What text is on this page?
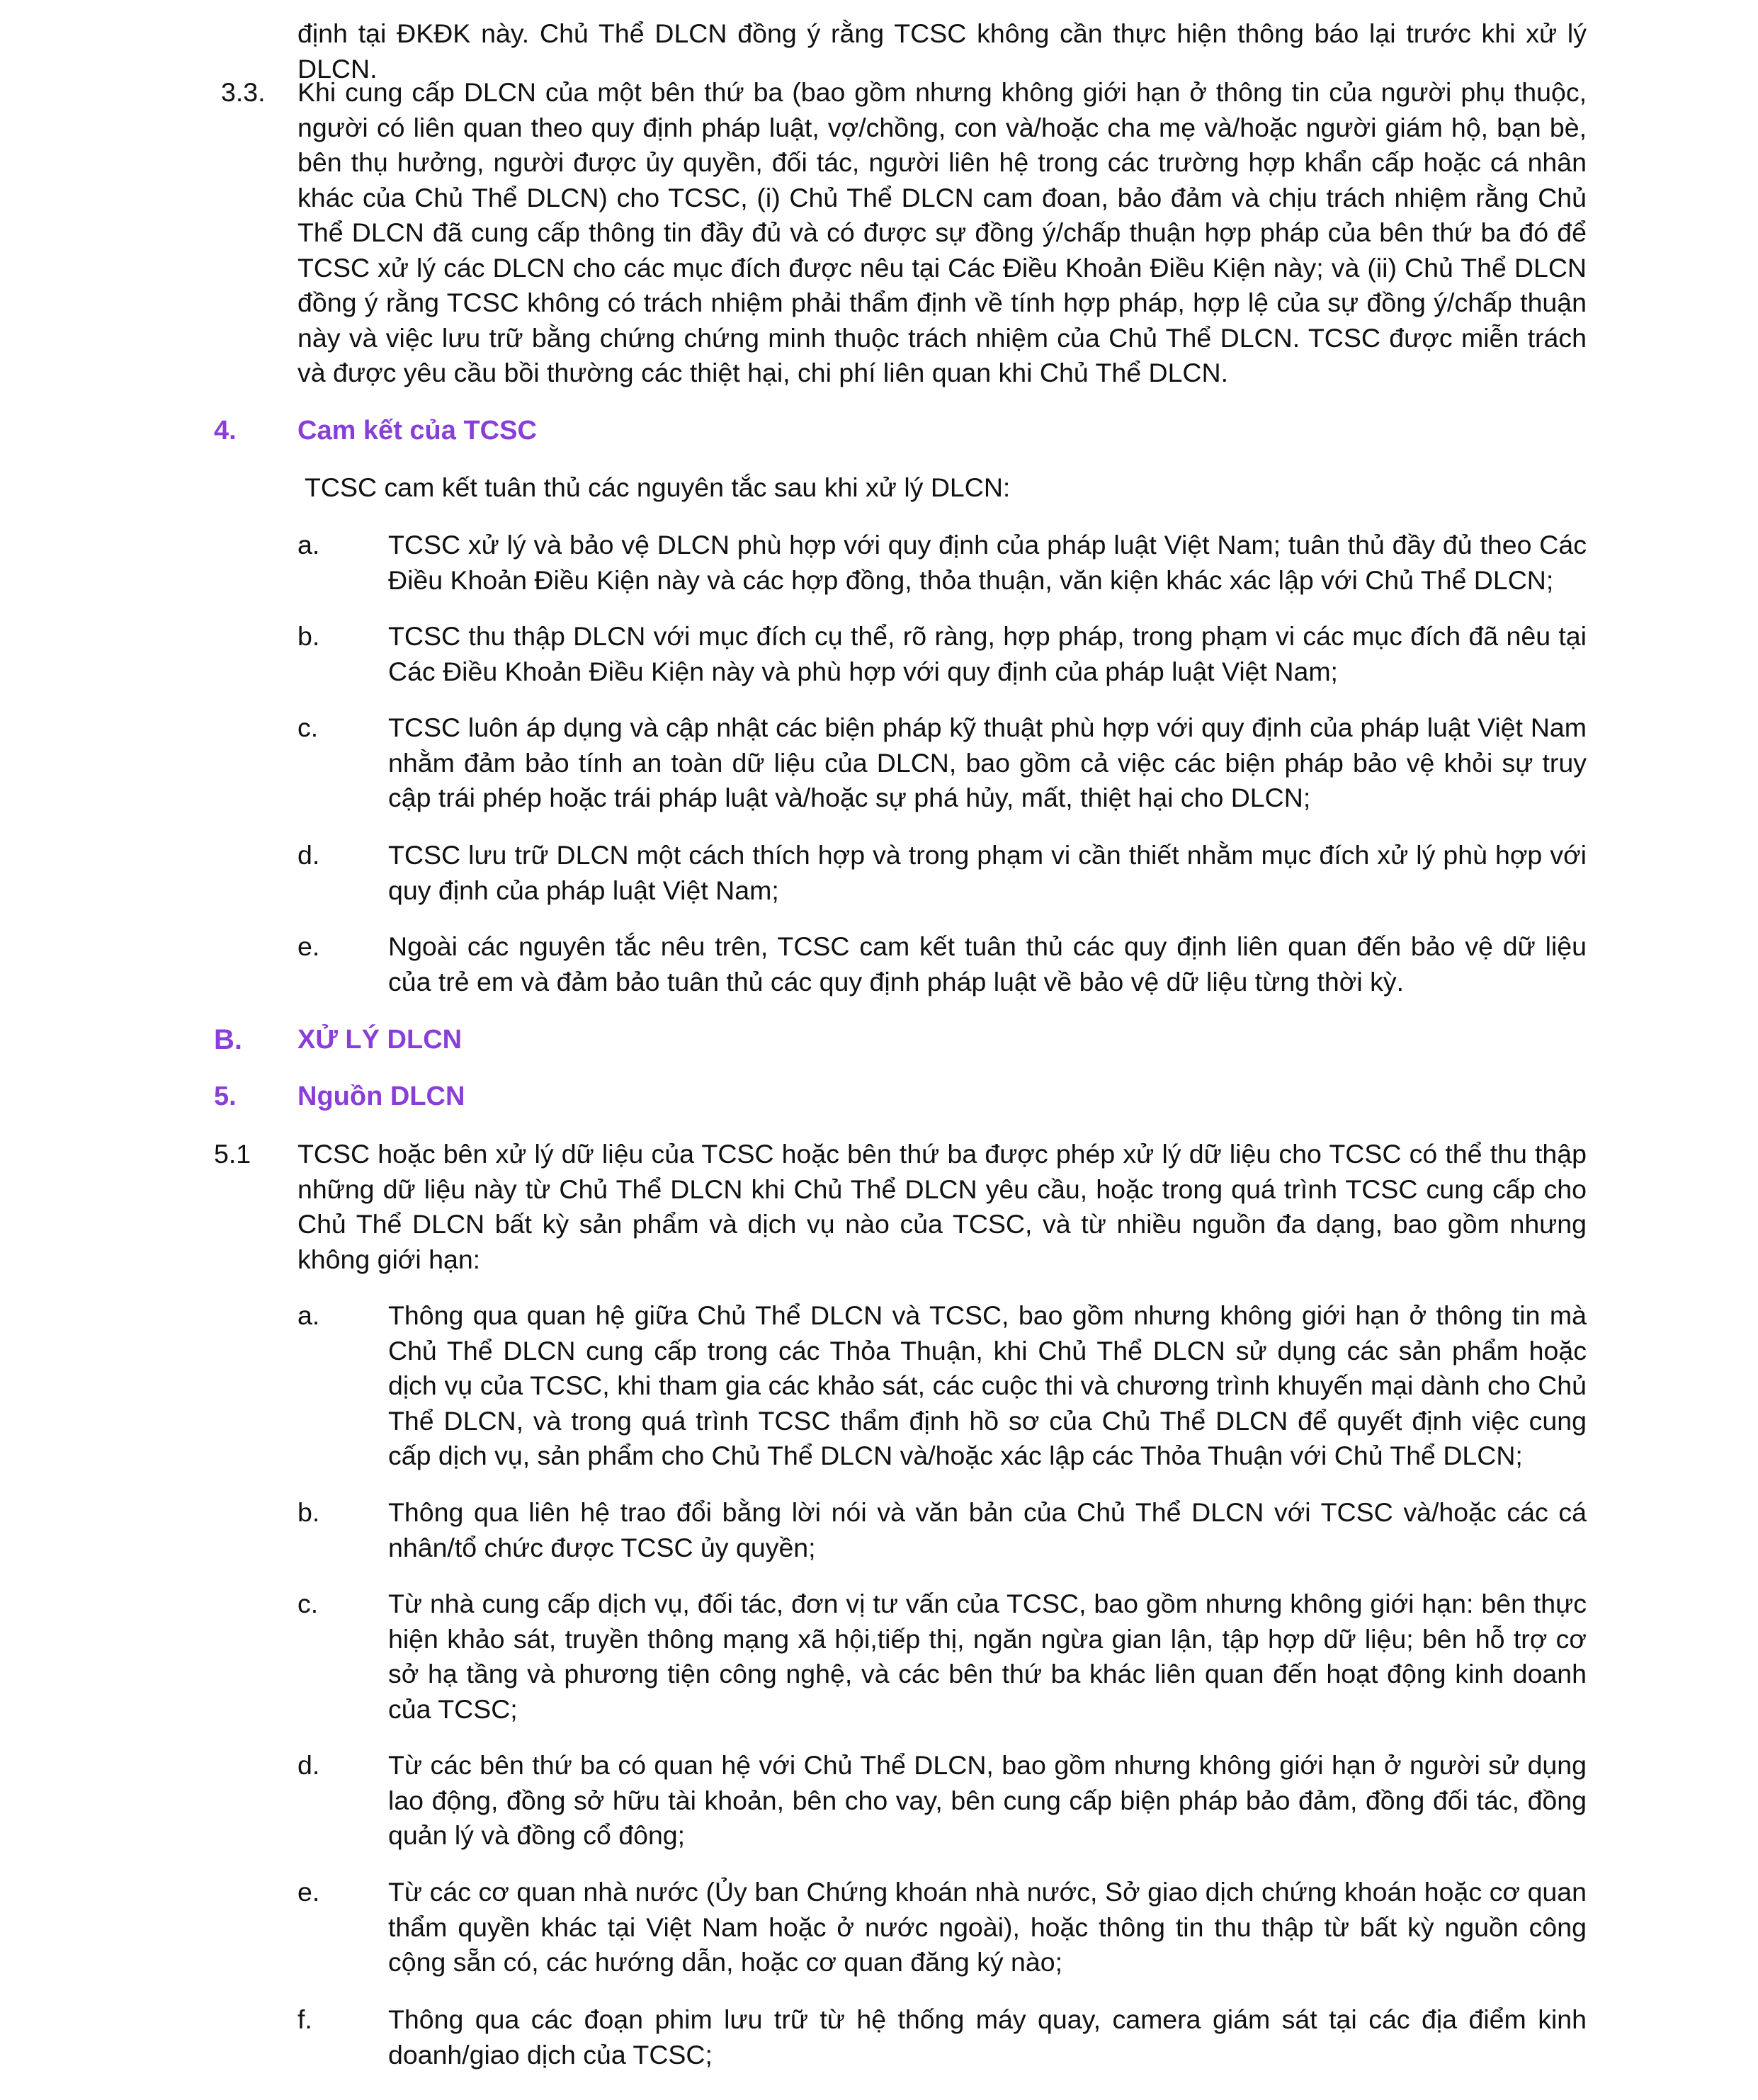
định tại ĐKĐK này. Chủ Thể DLCN đồng ý rằng TCSC không cần thực hiện thông báo lại trước khi xử lý DLCN.
3.3. Khi cung cấp DLCN của một bên thứ ba (bao gồm nhưng không giới hạn ở thông tin của người phụ thuộc, người có liên quan theo quy định pháp luật, vợ/chồng, con và/hoặc cha mẹ và/hoặc người giám hộ, bạn bè, bên thụ hưởng, người được ủy quyền, đối tác, người liên hệ trong các trường hợp khẩn cấp hoặc cá nhân khác của Chủ Thể DLCN) cho TCSC, (i) Chủ Thể DLCN cam đoan, bảo đảm và chịu trách nhiệm rằng Chủ Thể DLCN đã cung cấp thông tin đầy đủ và có được sự đồng ý/chấp thuận hợp pháp của bên thứ ba đó để TCSC xử lý các DLCN cho các mục đích được nêu tại Các Điều Khoản Điều Kiện này; và (ii) Chủ Thể DLCN đồng ý rằng TCSC không có trách nhiệm phải thẩm định về tính hợp pháp, hợp lệ của sự đồng ý/chấp thuận này và việc lưu trữ bằng chứng chứng minh thuộc trách nhiệm của Chủ Thể DLCN. TCSC được miễn trách và được yêu cầu bồi thường các thiệt hại, chi phí liên quan khi Chủ Thể DLCN.
4. Cam kết của TCSC
TCSC cam kết tuân thủ các nguyên tắc sau khi xử lý DLCN:
a.	TCSC xử lý và bảo vệ DLCN phù hợp với quy định của pháp luật Việt Nam; tuân thủ đầy đủ theo Các Điều Khoản Điều Kiện này và các hợp đồng, thỏa thuận, văn kiện khác xác lập với Chủ Thể DLCN;
b.	TCSC thu thập DLCN với mục đích cụ thể, rõ ràng, hợp pháp, trong phạm vi các mục đích đã nêu tại Các Điều Khoản Điều Kiện này và phù hợp với quy định của pháp luật Việt Nam;
c.	TCSC luôn áp dụng và cập nhật các biện pháp kỹ thuật phù hợp với quy định của pháp luật Việt Nam nhằm đảm bảo tính an toàn dữ liệu của DLCN, bao gồm cả việc các biện pháp bảo vệ khỏi sự truy cập trái phép hoặc trái pháp luật và/hoặc sự phá hủy, mất, thiệt hại cho DLCN;
d.	TCSC lưu trữ DLCN một cách thích hợp và trong phạm vi cần thiết nhằm mục đích xử lý phù hợp với quy định của pháp luật Việt Nam;
e.	Ngoài các nguyên tắc nêu trên, TCSC cam kết tuân thủ các quy định liên quan đến bảo vệ dữ liệu của trẻ em và đảm bảo tuân thủ các quy định pháp luật về bảo vệ dữ liệu từng thời kỳ.
B. XỬ LÝ DLCN
5. Nguồn DLCN
5.1 TCSC hoặc bên xử lý dữ liệu của TCSC hoặc bên thứ ba được phép xử lý dữ liệu cho TCSC có thể thu thập những dữ liệu này từ Chủ Thể DLCN khi Chủ Thể DLCN yêu cầu, hoặc trong quá trình TCSC cung cấp cho Chủ Thể DLCN bất kỳ sản phẩm và dịch vụ nào của TCSC, và từ nhiều nguồn đa dạng, bao gồm nhưng không giới hạn:
a.	Thông qua quan hệ giữa Chủ Thể DLCN và TCSC, bao gồm nhưng không giới hạn ở thông tin mà Chủ Thể DLCN cung cấp trong các Thỏa Thuận, khi Chủ Thể DLCN sử dụng các sản phẩm hoặc dịch vụ của TCSC, khi tham gia các khảo sát, các cuộc thi và chương trình khuyến mại dành cho Chủ Thể DLCN, và trong quá trình TCSC thẩm định hồ sơ của Chủ Thể DLCN để quyết định việc cung cấp dịch vụ, sản phẩm cho Chủ Thể DLCN và/hoặc xác lập các Thỏa Thuận với Chủ Thể DLCN;
b.	Thông qua liên hệ trao đổi bằng lời nói và văn bản của Chủ Thể DLCN với TCSC và/hoặc các cá nhân/tổ chức được TCSC ủy quyền;
c.	Từ nhà cung cấp dịch vụ, đối tác, đơn vị tư vấn của TCSC, bao gồm nhưng không giới hạn: bên thực hiện khảo sát, truyền thông mạng xã hội,tiếp thị, ngăn ngừa gian lận, tập hợp dữ liệu; bên hỗ trợ cơ sở hạ tầng và phương tiện công nghệ, và các bên thứ ba khác liên quan đến hoạt động kinh doanh của TCSC;
d.	Từ các bên thứ ba có quan hệ với Chủ Thể DLCN, bao gồm nhưng không giới hạn ở người sử dụng lao động, đồng sở hữu tài khoản, bên cho vay, bên cung cấp biện pháp bảo đảm, đồng đối tác, đồng quản lý và đồng cổ đông;
e.	Từ các cơ quan nhà nước (Ủy ban Chứng khoán nhà nước, Sở giao dịch chứng khoán hoặc cơ quan thẩm quyền khác tại Việt Nam hoặc ở nước ngoài), hoặc thông tin thu thập từ bất kỳ nguồn công cộng sẵn có, các hướng dẫn, hoặc cơ quan đăng ký nào;
f.	Thông qua các đoạn phim lưu trữ từ hệ thống máy quay, camera giám sát tại các địa điểm kinh doanh/giao dịch của TCSC;
